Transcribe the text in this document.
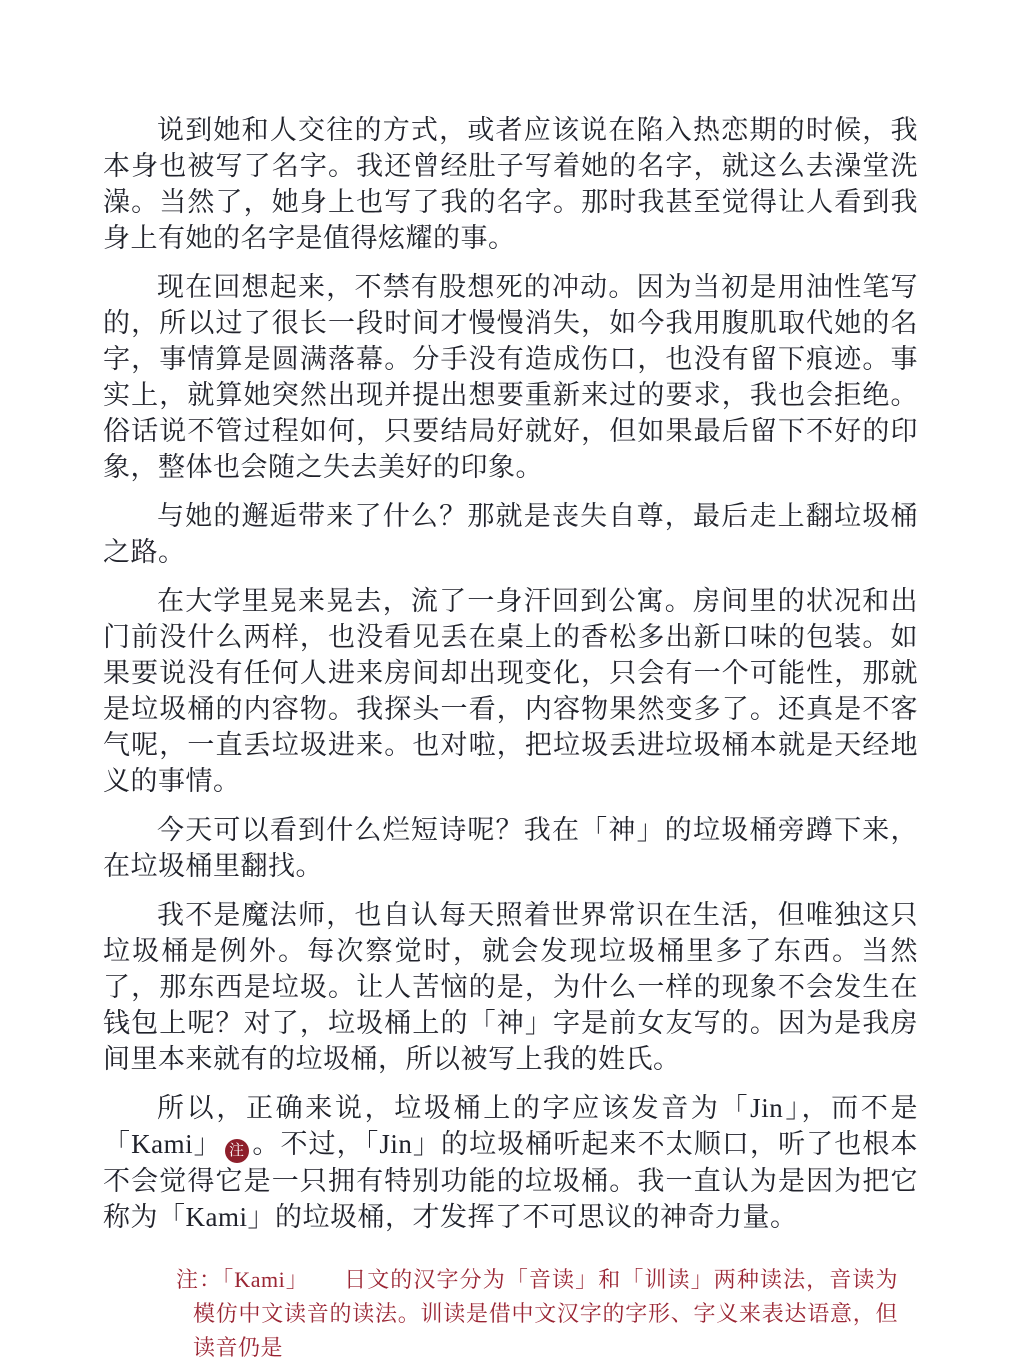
说到她和人交往的方式，或者应该说在陷入热恋期的时候，我本身也被写了名字。我还曾经肚子写着她的名字，就这么去澡堂洗澡。当然了，她身上也写了我的名字。那时我甚至觉得让人看到我身上有她的名字是值得炫耀的事。

现在回想起来，不禁有股想死的冲动。因为当初是用油性笔写的，所以过了很长一段时间才慢慢消失，如今我用腹肌取代她的名字，事情算是圆满落幕。分手没有造成伤口，也没有留下痕迹。事实上，就算她突然出现并提出想要重新来过的要求，我也会拒绝。俗话说不管过程如何，只要结局好就好，但如果最后留下不好的印象，整体也会随之失去美好的印象。

与她的邂逅带来了什么？那就是丧失自尊，最后走上翻垃圾桶之路。

在大学里晃来晃去，流了一身汗回到公寓。房间里的状况和出门前没什么两样，也没看见丢在桌上的香松多出新口味的包装。如果要说没有任何人进来房间却出现变化，只会有一个可能性，那就是垃圾桶的内容物。我探头一看，内容物果然变多了。还真是不客气呢，一直丢垃圾进来。也对啦，把垃圾丢进垃圾桶本就是天经地义的事情。

今天可以看到什么烂短诗呢？我在「神」的垃圾桶旁蹲下来，在垃圾桶里翻找。

我不是魔法师，也自认每天照着世界常识在生活，但唯独这只垃圾桶是例外。每次察觉时，就会发现垃圾桶里多了东西。当然了，那东西是垃圾。让人苦恼的是，为什么一样的现象不会发生在钱包上呢？对了，垃圾桶上的「神」字是前女友写的。因为是我房间里本来就有的垃圾桶，所以被写上我的姓氏。

所以，正确来说，垃圾桶上的字应该发音为「Jin」，而不是「Kami」 注 。不过，「Jin」的垃圾桶听起来不太顺口，听了也根本不会觉得它是一只拥有特别功能的垃圾桶。我一直认为是因为把它称为「Kami」的垃圾桶，才发挥了不可思议的神奇力量。

注：「Kami」　　日文的汉字分为「音读」和「训读」两种读法，音读为模仿中文读音的读法。训读是借中文汉字的字形、字义来表达语意，但读音仍是
